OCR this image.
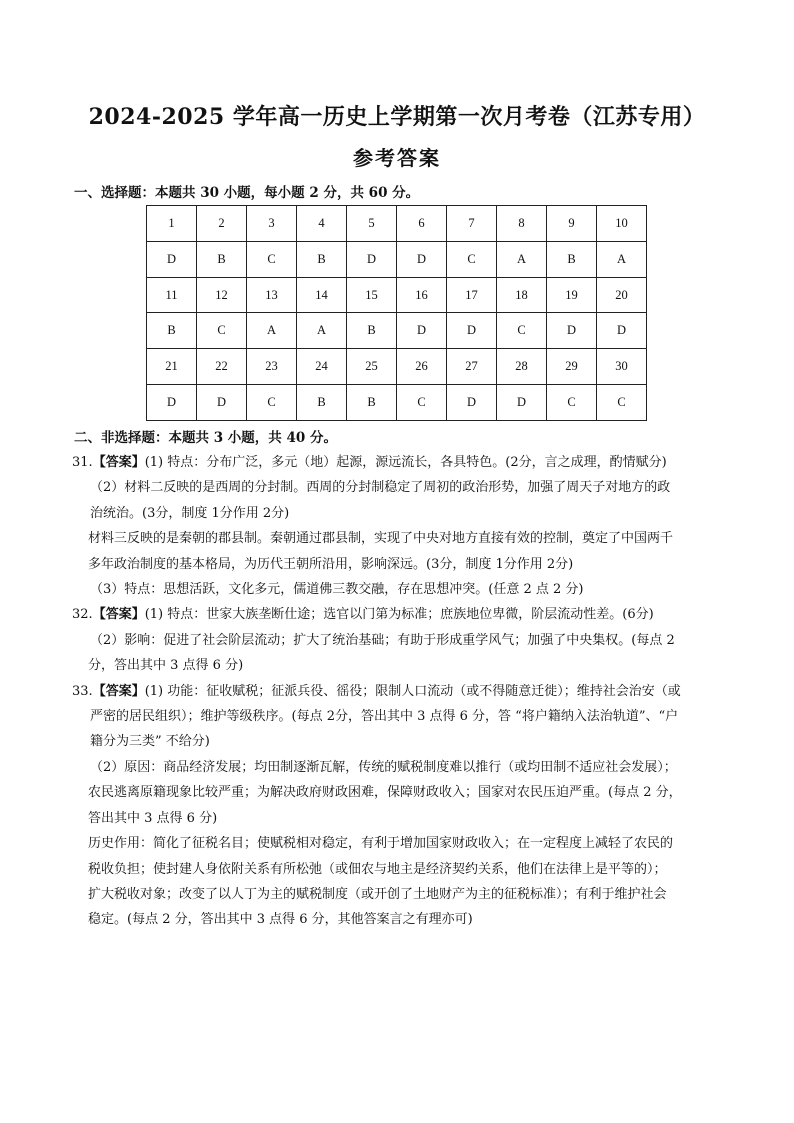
2024-2025 学年高一历史上学期第一次月考卷（江苏专用）
参考答案
一、选择题：本题共 30 小题，每小题 2 分，共 60 分。
1	2	3	4	5	6	7	8	9	10
D	B	C	B	D	D	C	A	B	A
11	12	13	14	15	16	17	18	19	20
B	C	A	A	B	D	D	C	D	D
21	22	23	24	25	26	27	28	29	30
D	D	C	B	B	C	D	D	C	C
二、非选择题：本题共 3 小题，共 40 分。

31.【答案】(1) 特点：分布广泛，多元（地）起源，源远流长，各具特色。(2分，言之成理，酌情赋分)

（2）材料二反映的是西周的分封制。西周的分封制稳定了周初的政治形势，加强了周天子对地方的政

治统治。(3分，制度 1分作用 2分)

材料三反映的是秦朝的郡县制。秦朝通过郡县制，实现了中央对地方直接有效的控制，奠定了中国两千

多年政治制度的基本格局，为历代王朝所沿用，影响深远。(3分，制度 1分作用 2分)

（3）特点：思想活跃，文化多元，儒道佛三教交融，存在思想冲突。(任意 2 点 2 分)

32.【答案】(1) 特点：世家大族垄断仕途；选官以门第为标准；庶族地位卑微，阶层流动性差。(6分)

（2）影响：促进了社会阶层流动；扩大了统治基础；有助于形成重学风气；加强了中央集权。(每点 2

分，答出其中 3 点得 6 分)

33.【答案】(1) 功能：征收赋税；征派兵役、徭役；限制人口流动（或不得随意迁徙）；维持社会治安（或

严密的居民组织）；维护等级秩序。(每点 2分，答出其中 3 点得 6 分，答 “将户籍纳入法治轨道”、“户

籍分为三类” 不给分)

（2）原因：商品经济发展；均田制逐渐瓦解，传统的赋税制度难以推行（或均田制不适应社会发展）；

农民逃离原籍现象比较严重；为解决政府财政困难，保障财政收入；国家对农民压迫严重。(每点 2 分，

答出其中 3 点得 6 分)

历史作用：简化了征税名目；使赋税相对稳定，有利于增加国家财政收入；在一定程度上减轻了农民的

税收负担；使封建人身依附关系有所松弛（或佃农与地主是经济契约关系，他们在法律上是平等的）；

扩大税收对象；改变了以人丁为主的赋税制度（或开创了土地财产为主的征税标准）；有利于维护社会

稳定。(每点 2 分，答出其中 3 点得 6 分，其他答案言之有理亦可)
